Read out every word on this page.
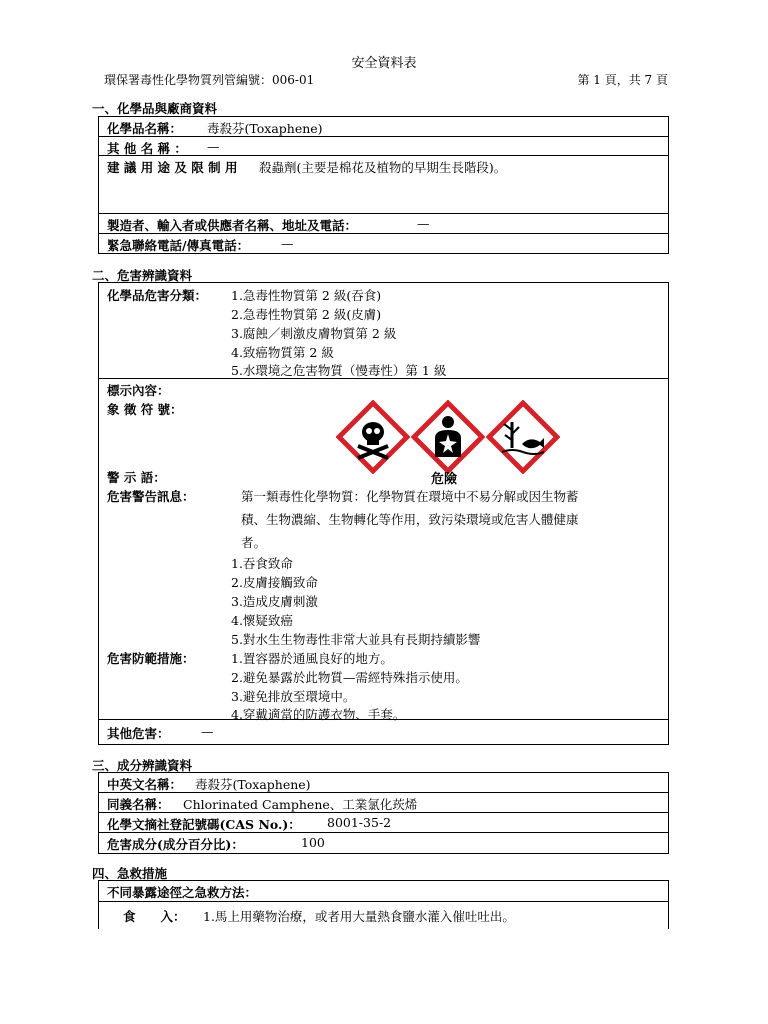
安全資料表
環保署毒性化學物質列管編號：006-01	第 1 頁，共 7 頁
一、化學品與廠商資料
化學品名稱： 毒殺芬(Toxaphene)
其 他 名 稱 ： —
建 議 用 途 及 限 制 用 殺蟲劑(主要是棉花及植物的早期生長階段)。
製造者、輸入者或供應者名稱、地址及電話：	—
緊急聯絡電話/傳真電話：	—
二、危害辨識資料
化學品危害分類： 1.急毒性物質第 2 級(吞食)
2.急毒性物質第 2 級(皮膚)
3.腐蝕／刺激皮膚物質第 2 級
4.致癌物質第 2 級
5.水環境之危害物質（慢毒性）第 1 級
標示內容：
象 徵 符 號：
警 示 語：	危險
危害警告訊息：	第一類毒性化學物質：化學物質在環境中不易分解或因生物蓄
積、生物濃縮、生物轉化等作用，致污染環境或危害人體健康
者。
1.吞食致命
2.皮膚接觸致命
3.造成皮膚刺激
4.懷疑致癌
5.對水生生物毒性非常大並具有長期持續影響
危害防範措施：	1.置容器於通風良好的地方。
2.避免暴露於此物質—需經特殊指示使用。
3.避免排放至環境中。
4.穿戴適當的防護衣物、手套。
其他危害：	—
三、成分辨識資料
中英文名稱： 毒殺芬(Toxaphene)
同義名稱： Chlorinated Camphene、工業氯化莰烯
化學文摘社登記號碼(CAS No.)： 8001-35-2
危害成分(成分百分比)：	100
四、急救措施
不同暴露途徑之急救方法：
食　　入： 1.馬上用藥物治療，或者用大量熱食鹽水灌入催吐吐出。
